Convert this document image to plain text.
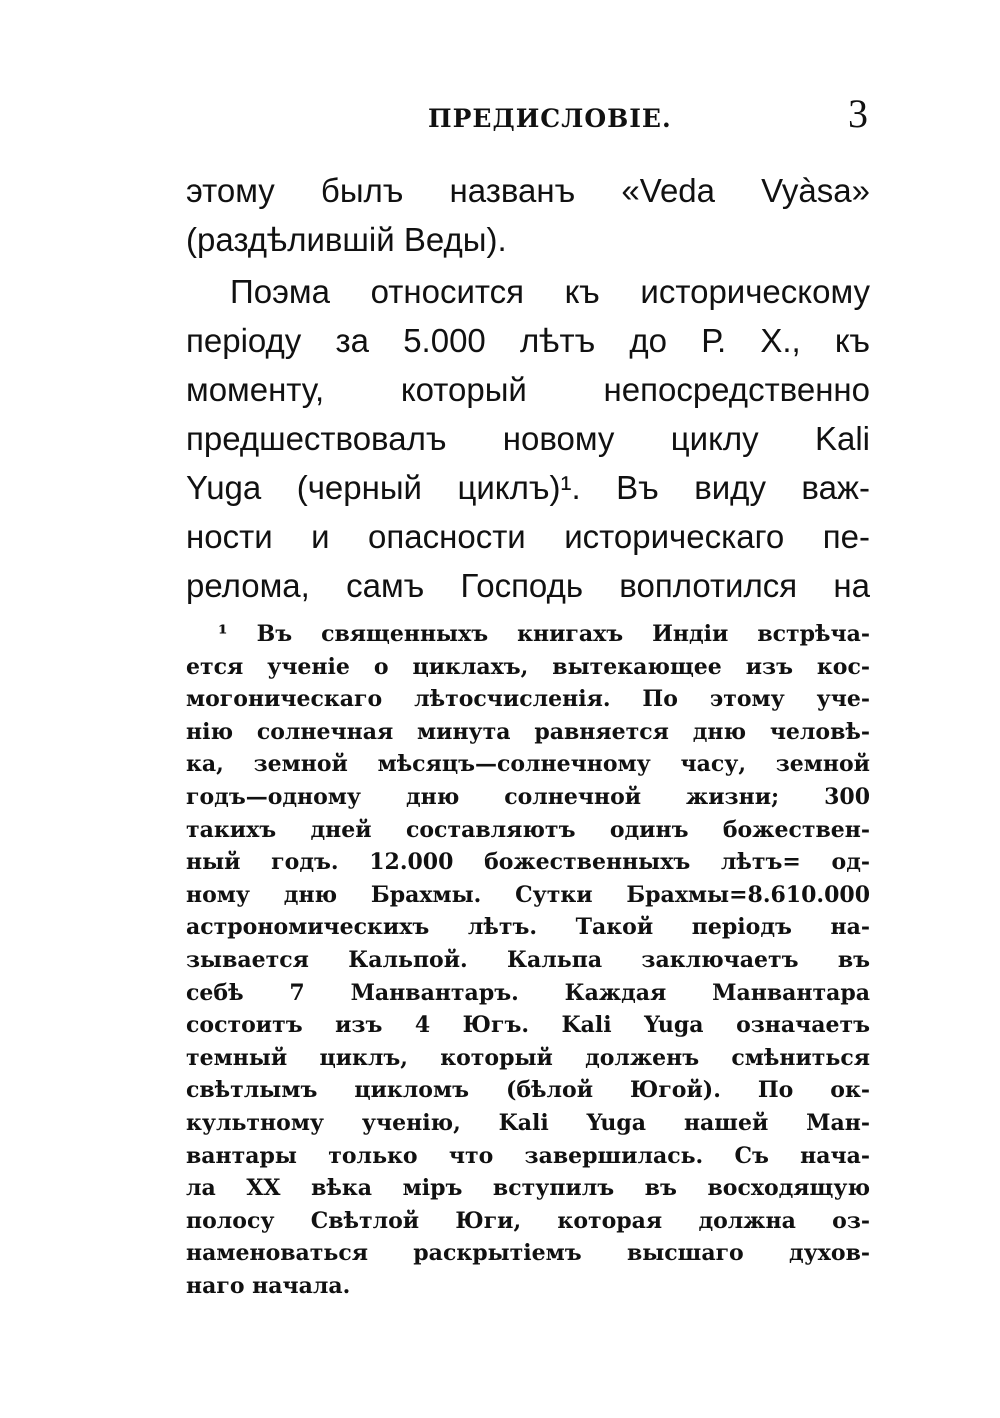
ПРЕДИСЛОВІЕ.	3
этому былъ названъ «Veda Vyàsa»
(раздѣлившій Веды).
Поэма относится къ историческому
періоду за 5.000 лѣтъ до Р. X., къ
моменту, который непосредственно
предшествовалъ новому циклу Kali
Yuga (черный циклъ)¹. Въ виду важ-
ности и опасности историческаго пе-
релома, самъ Господь воплотился на
¹ Въ священныхъ книгахъ Индіи встрѣча-
ется ученіе о циклахъ, вытекающее изъ кос-
могоническаго лѣтосчисленія. По этому уче-
нію солнечная минута равняется дню человѣ-
ка, земной мѣсяцъ—солнечному часу, земной
годъ—одному дню солнечной жизни; 300
такихъ дней составляютъ одинъ божествен-
ный годъ. 12.000 божественныхъ лѣтъ= од-
ному дню Брахмы. Сутки Брахмы=8.610.000
астрономическихъ лѣтъ. Такой періодъ на-
зывается Кальпой. Кальпа заключаетъ въ
себѣ 7 Манвантаръ. Каждая Манвантара
состоитъ изъ 4 Югъ. Kali Yuga означаетъ
темный циклъ, который долженъ смѣниться
свѣтлымъ цикломъ (бѣлой Югой). По ок-
культному ученію, Kali Yuga нашей Ман-
вантары только что завершилась. Съ нача-
ла XX вѣка міръ вступилъ въ восходящую
полосу Свѣтлой Юги, которая должна оз-
наменоваться раскрытіемъ высшаго духов-
наго начала.
